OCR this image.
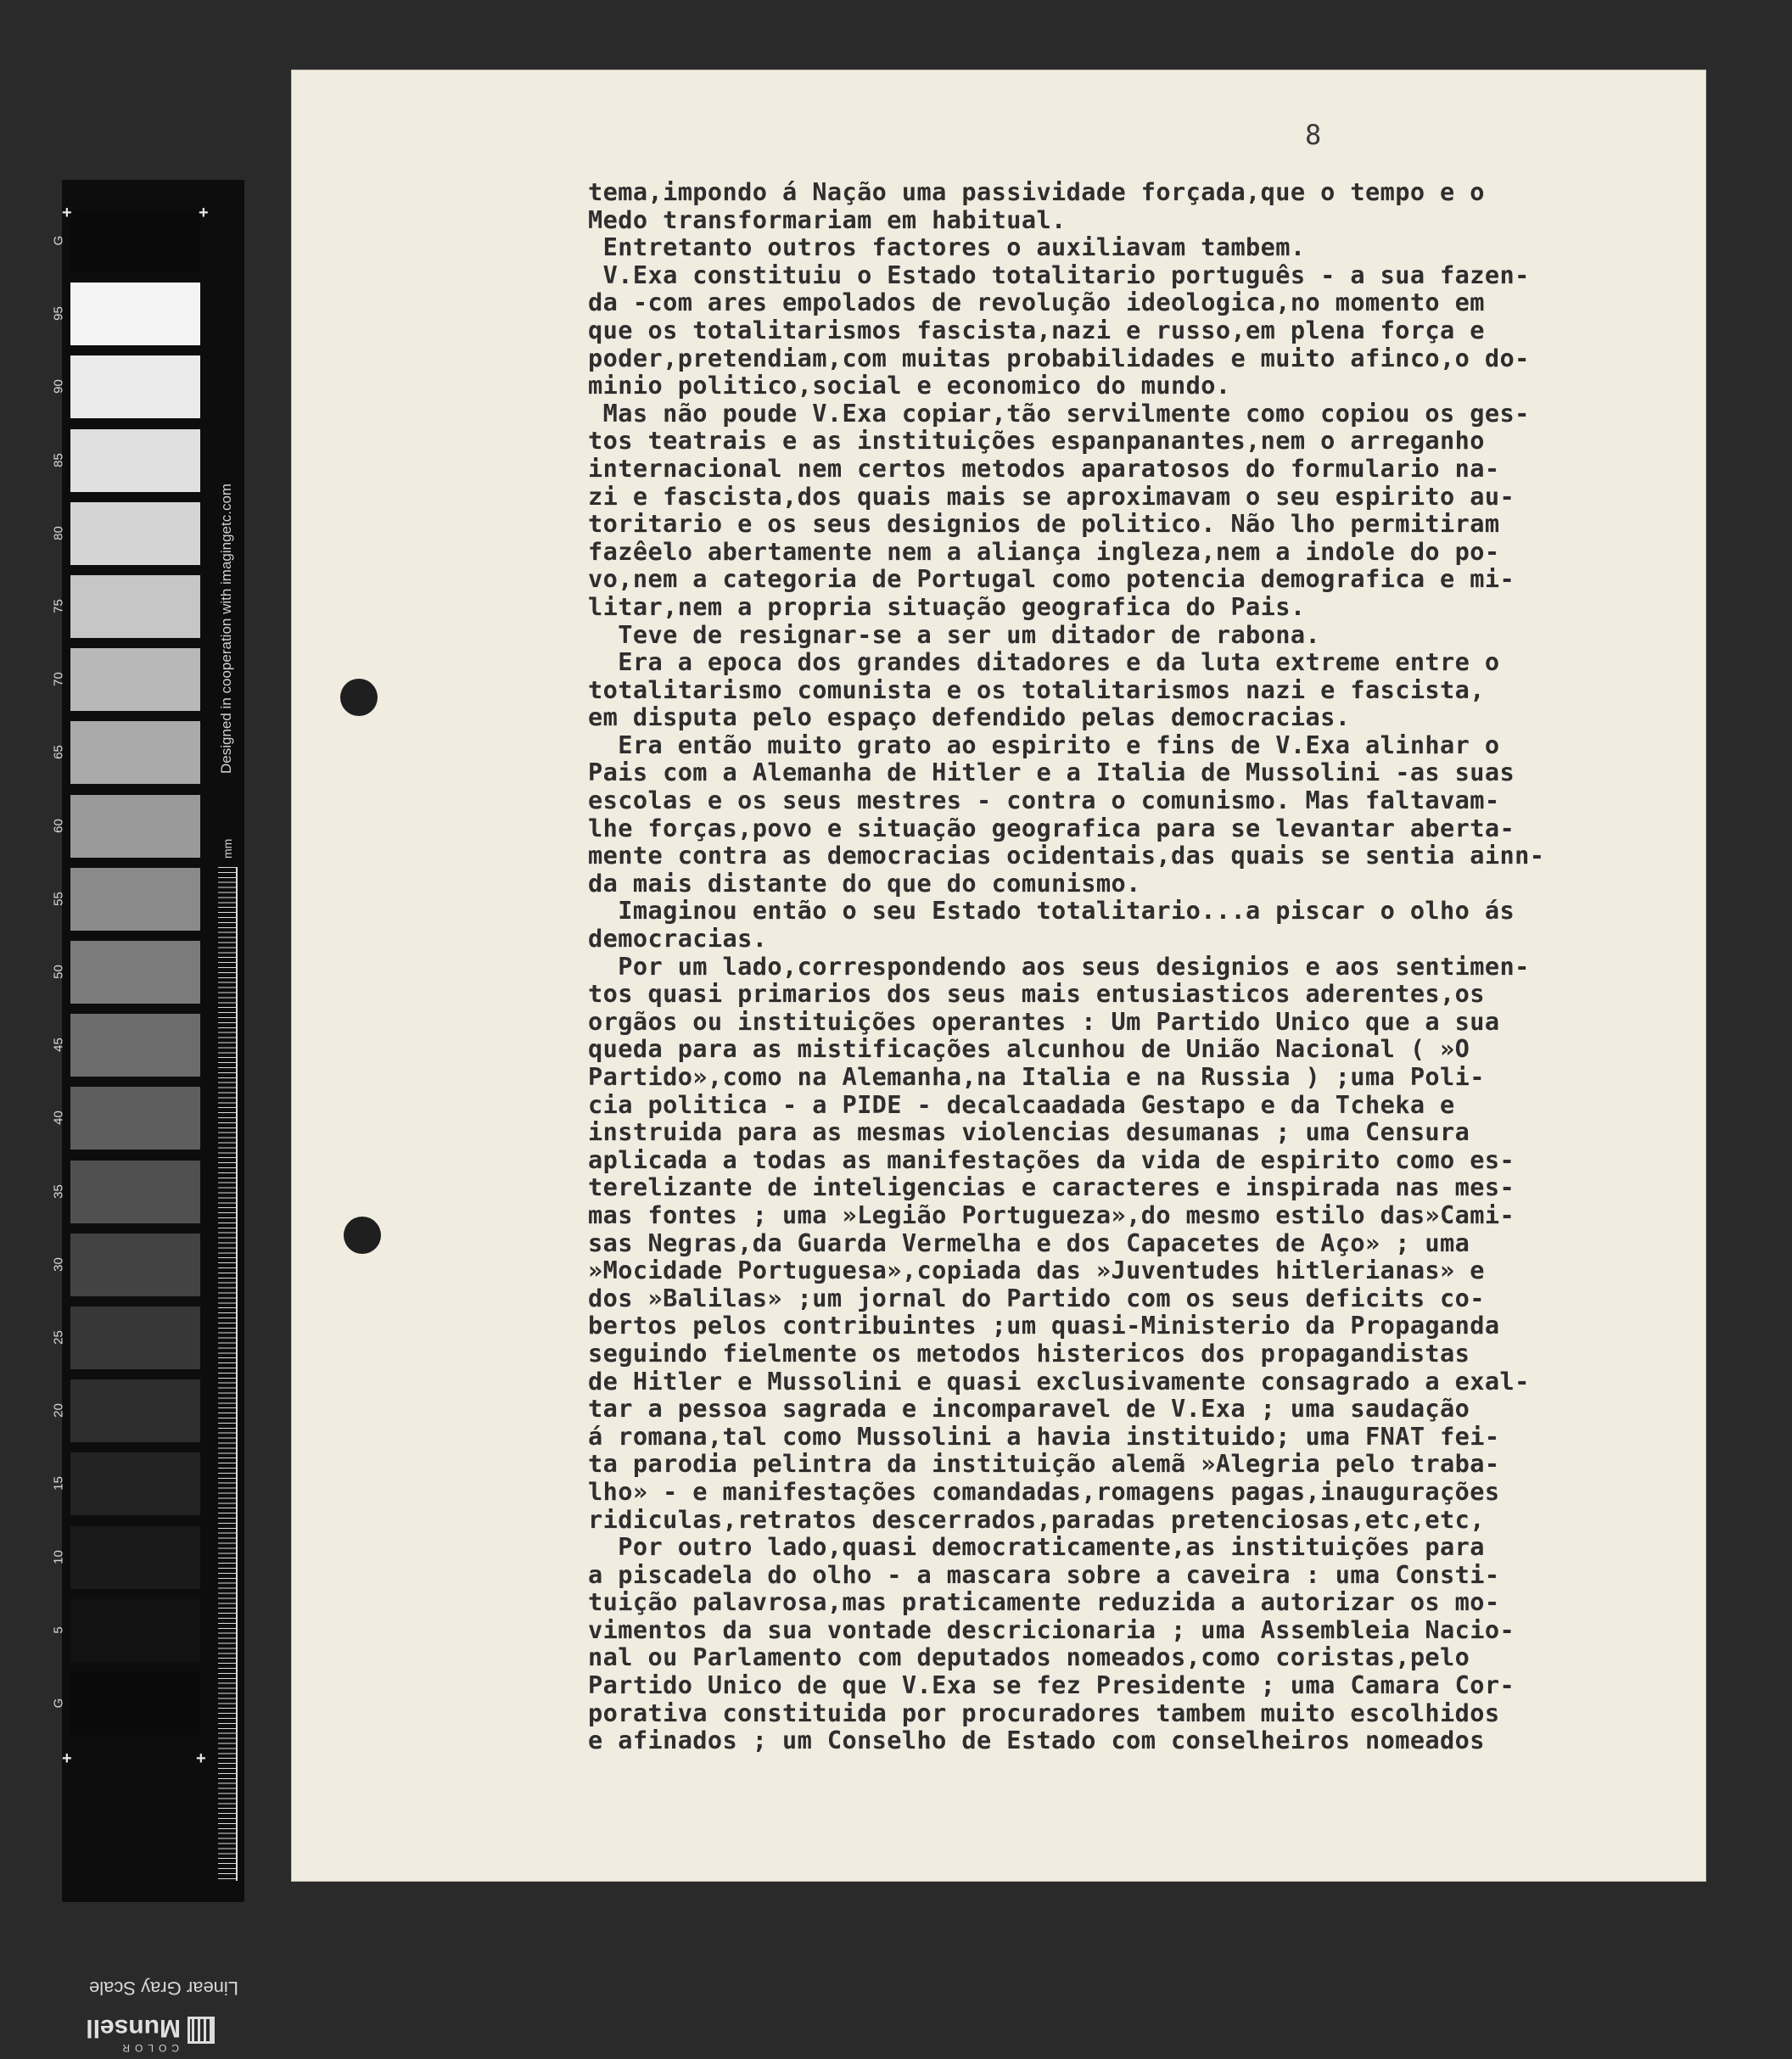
G
95
90
85
80
75
70
65
60
55
50
45
40
35
30
25
20
15
10
5
G
+	+
+	+
Designed in cooperation with imagingetc.com
mm
Linear Gray Scale
COLOR
Munsell
8
tema,impondo á Nação uma passividade forçada,que o tempo e o
Medo transformariam em habitual.
Entretanto outros factores o auxiliavam tambem.
V.Exa constituiu o Estado totalitario português - a sua fazen-
da -com ares empolados de revolução ideologica,no momento em
que os totalitarismos fascista,nazi e russo,em plena força e
poder,pretendiam,com muitas probabilidades e muito afinco,o do-
minio politico,social e economico do mundo.
Mas não poude V.Exa copiar,tão servilmente como copiou os ges-
tos teatrais e as instituições espanpanantes,nem o arreganho
internacional nem certos metodos aparatosos do formulario na-
zi e fascista,dos quais mais se aproximavam o seu espirito au-
toritario e os seus designios de politico. Não lho permitiram
fazêelo abertamente nem a aliança ingleza,nem a indole do po-
vo,nem a categoria de Portugal como potencia demografica e mi-
litar,nem a propria situação geografica do Pais.
Teve de resignar-se a ser um ditador de rabona.
Era a epoca dos grandes ditadores e da luta extreme entre o
totalitarismo comunista e os totalitarismos nazi e fascista,
em disputa pelo espaço defendido pelas democracias.
Era então muito grato ao espirito e fins de V.Exa alinhar o
Pais com a Alemanha de Hitler e a Italia de Mussolini -as suas
escolas e os seus mestres - contra o comunismo. Mas faltavam-
lhe forças,povo e situação geografica para se levantar aberta-
mente contra as democracias ocidentais,das quais se sentia ainn-
da mais distante do que do comunismo.
Imaginou então o seu Estado totalitario...a piscar o olho ás
democracias.
Por um lado,correspondendo aos seus designios e aos sentimen-
tos quasi primarios dos seus mais entusiasticos aderentes,os
orgãos ou instituições operantes : Um Partido Unico que a sua
queda para as mistificações alcunhou de União Nacional ( »O
Partido»,como na Alemanha,na Italia e na Russia ) ;uma Poli-
cia politica - a PIDE - decalcaadada Gestapo e da Tcheka e
instruida para as mesmas violencias desumanas ; uma Censura
aplicada a todas as manifestações da vida de espirito como es-
terelizante de inteligencias e caracteres e inspirada nas mes-
mas fontes ; uma »Legião Portugueza»,do mesmo estilo das»Cami-
sas Negras,da Guarda Vermelha e dos Capacetes de Aço» ; uma
»Mocidade Portuguesa»,copiada das »Juventudes hitlerianas» e
dos »Balilas» ;um jornal do Partido com os seus deficits co-
bertos pelos contribuintes ;um quasi-Ministerio da Propaganda
seguindo fielmente os metodos histericos dos propagandistas
de Hitler e Mussolini e quasi exclusivamente consagrado a exal-
tar a pessoa sagrada e incomparavel de V.Exa ; uma saudação
á romana,tal como Mussolini a havia instituido; uma FNAT fei-
ta parodia pelintra da instituição alemã »Alegria pelo traba-
lho» - e manifestações comandadas,romagens pagas,inaugurações
ridiculas,retratos descerrados,paradas pretenciosas,etc,etc,
Por outro lado,quasi democraticamente,as instituições para
a piscadela do olho - a mascara sobre a caveira : uma Consti-
tuição palavrosa,mas praticamente reduzida a autorizar os mo-
vimentos da sua vontade descricionaria ; uma Assembleia Nacio-
nal ou Parlamento com deputados nomeados,como coristas,pelo
Partido Unico de que V.Exa se fez Presidente ; uma Camara Cor-
porativa constituida por procuradores tambem muito escolhidos
e afinados ; um Conselho de Estado com conselheiros nomeados
